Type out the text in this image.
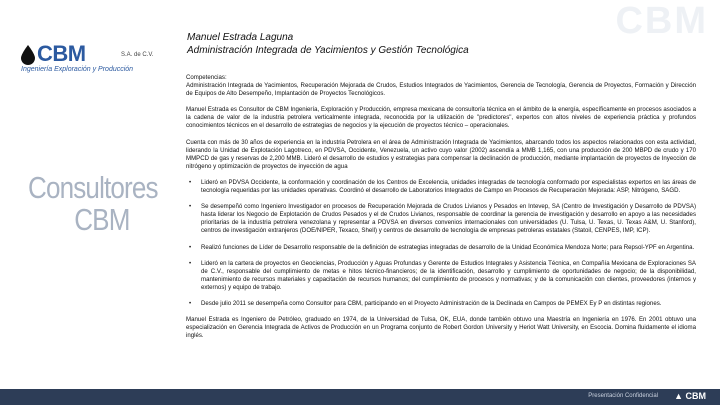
CBM	S.A. de C.V.
Ingeniería Exploración y Producción
Consultores
CBM
CBM
Manuel Estrada Laguna
Administración Integrada de Yacimientos y Gestión Tecnológica

Competencias:

Administración Integrada de Yacimientos, Recuperación Mejorada de Crudos, Estudios Integrados de Yacimientos, Gerencia de Tecnología, Gerencia de Proyectos, Formación y Dirección de Equipos de Alto Desempeño, Implantación de Proyectos Tecnológicos.

Manuel Estrada es Consultor de CBM Ingeniería, Exploración y Producción, empresa mexicana de consultoría técnica en el ámbito de la energía, específicamente en procesos asociados a la cadena de valor de la industria petrolera verticalmente integrada, reconocida por la utilización de "predictores", expertos con altos niveles de experiencia práctica y profundos conocimientos técnicos en el desarrollo de estrategias de negocios y la ejecución de proyectos técnico – operacionales.

Cuenta con más de 30 años de experiencia en la industria Petrolera en el área de Administración Integrada de Yacimientos, abarcando todos los aspectos relacionados con esta actividad, liderando la Unidad de Explotación Lagotreco, en PDVSA, Occidente, Venezuela, un activo cuyo valor (2002) ascendía a MMB 1,165, con una producción de 200 MBPD de crudo y 170 MMPCD de gas y reservas de 2,200 MMB. Lideró el desarrollo de estudios y estrategias para compensar la declinación de producción, mediante implantación de proyectos de Inyección de nitrógeno y optimización de proyectos de inyección de agua

• Lideró en PDVSA Occidente, la conformación y coordinación de los Centros de Excelencia, unidades integradas de tecnología conformado por especialistas expertos en las áreas de tecnología requeridas por las unidades operativas. Coordinó el desarrollo de Laboratorios Integrados de Campo en Procesos de Recuperación Mejorada: ASP, Nitrógeno, SAGD.
• Se desempeñó como Ingeniero Investigador en procesos de Recuperación Mejorada de Crudos Livianos y Pesados en Intevep, SA (Centro de Investigación y Desarrollo de PDVSA) hasta liderar los Negocio de Explotación de Crudos Pesados y el de Crudos Livianos, responsable de coordinar la gerencia de investigación y desarrollo en apoyo a las necesidades prioritarias de la industria petrolera venezolana y representar a PDVSA en diversos convenios internacionales con universidades (U. Tulsa, U. Texas, U. Texas A&M, U. Stanford), centros de investigación extranjeros (DOE/NIPER, Texaco, Shell) y centros de desarrollo de tecnología de empresas petroleras estatales (Statoil, CENPES, IMP, ICP).
• Realizó funciones de Líder de Desarrollo responsable de la definición de estrategias integradas de desarrollo de la Unidad Económica Mendoza Norte; para Repsol-YPF en Argentina.
• Lideró en la cartera de proyectos en Geociencias, Producción y Aguas Profundas y Gerente de Estudios Integrales y Asistencia Técnica, en Compañía Mexicana de Exploraciones SA de C.V., responsable del cumplimiento de metas e hitos técnico-financieros; de la identificación, desarrollo y cumplimiento de oportunidades de negocio; de la disponibilidad, mantenimiento de recursos materiales y capacitación de recursos humanos; del cumplimiento de procesos y normativas; y de la comunicación con clientes, proveedores (internos y externos) y equipo de trabajo.
• Desde julio 2011 se desempeña como Consultor para CBM, participando en el Proyecto Administración de la Declinada en Campos de PEMEX Ey P en distintas regiones.

Manuel Estrada es Ingeniero de Petróleo, graduado en 1974, de la Universidad de Tulsa, OK, EUA, donde también obtuvo una Maestría en Ingeniería en 1976. En 2001 obtuvo una especialización en Gerencia Integrada de Activos de Producción en un Programa conjunto de Robert Gordon University y Heriot Watt University, en Escocia. Domina fluidamente el idioma inglés.

Presentación Confidencial ▲ CBM
